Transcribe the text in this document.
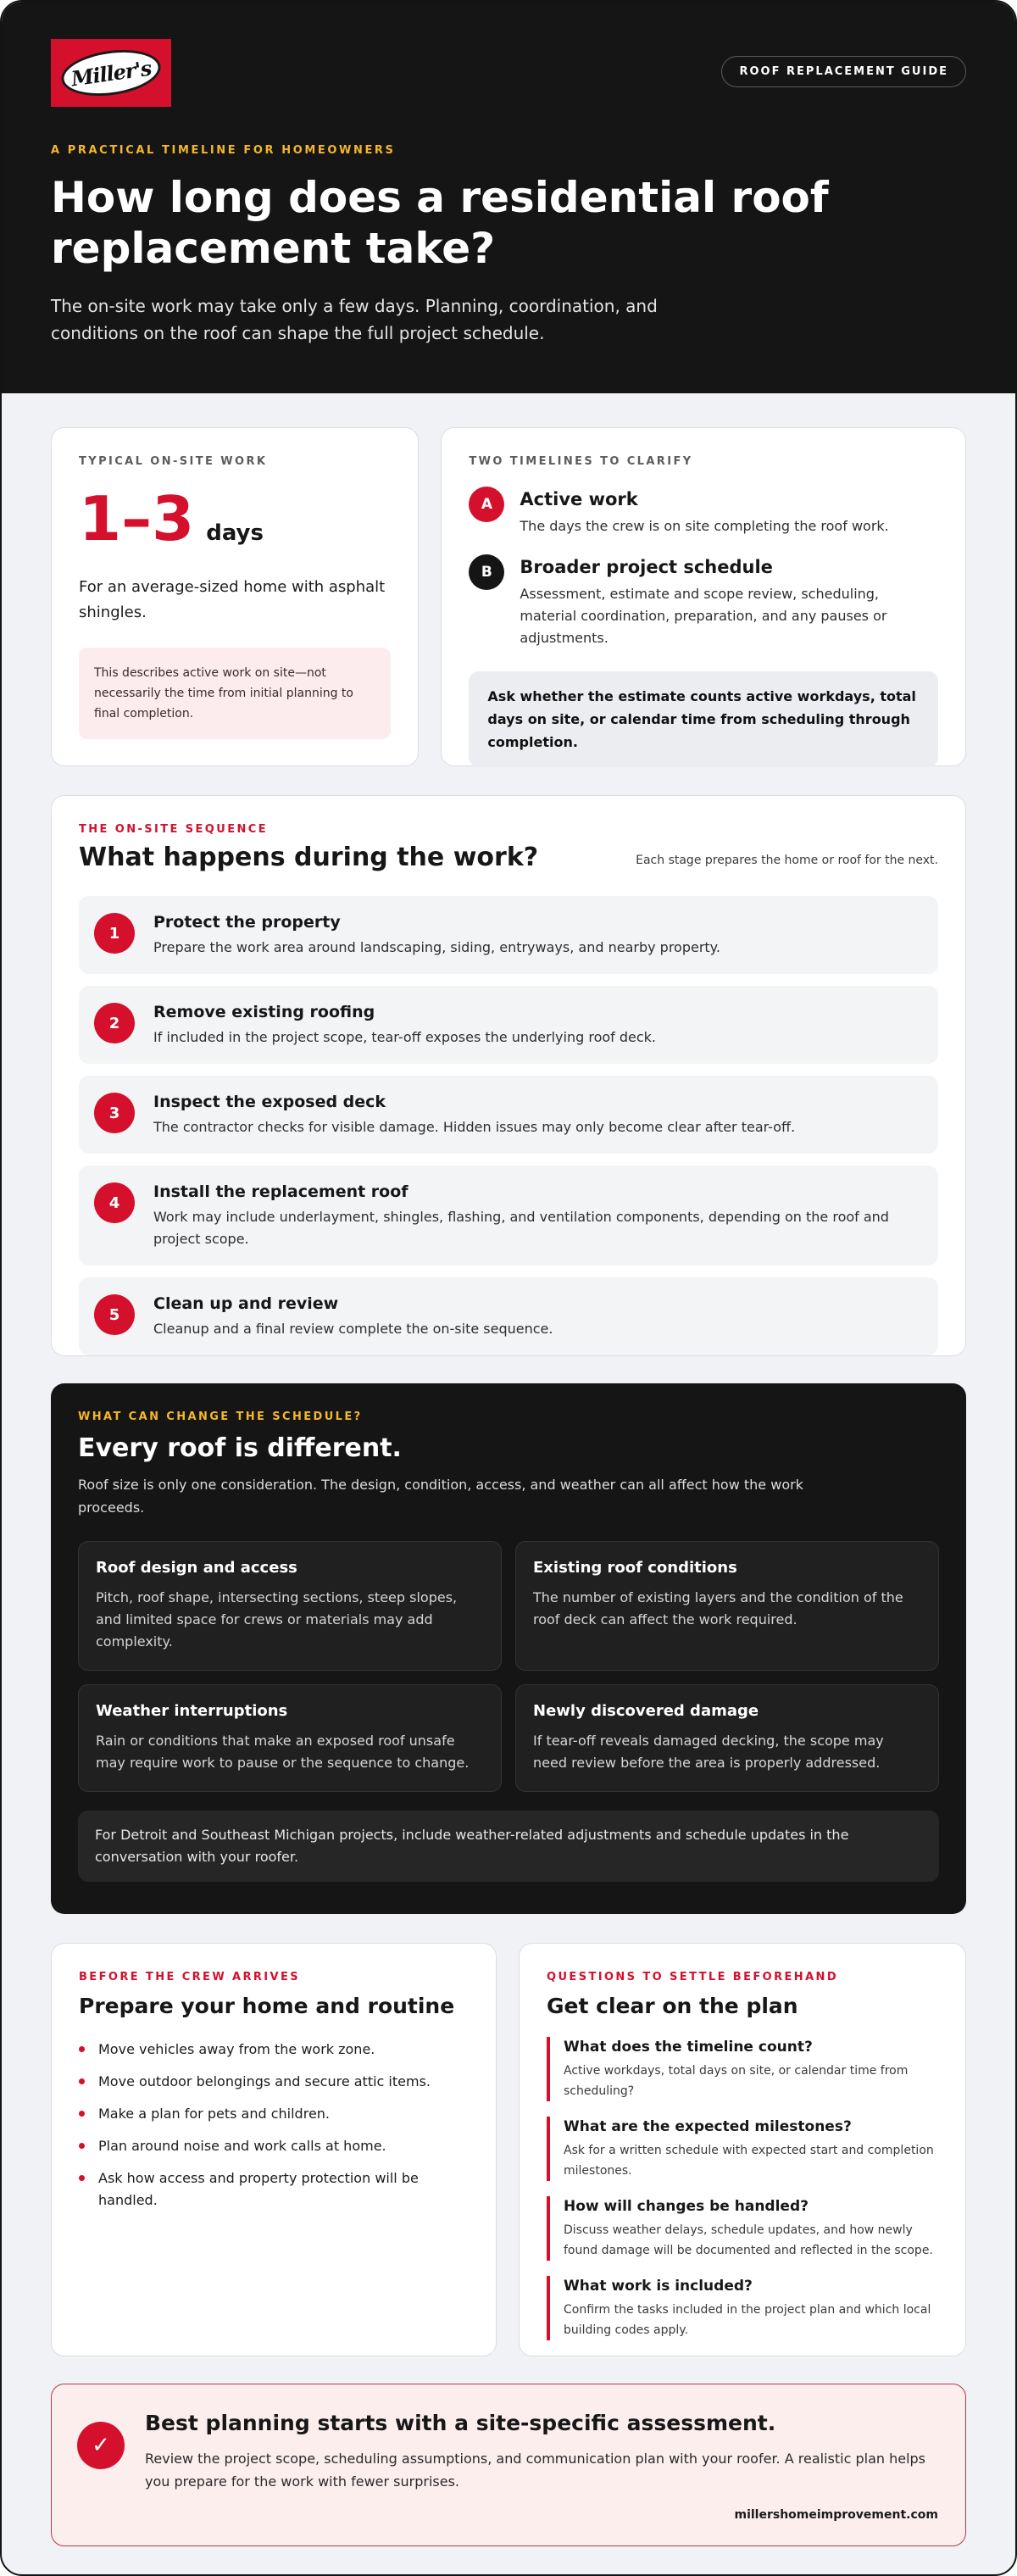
Miller's	ROOF REPLACEMENT GUIDE
A PRACTICAL TIMELINE FOR HOMEOWNERS
How long does a residential roof replacement take?

The on-site work may take only a few days. Planning, coordination, and conditions on the roof can shape the full project schedule.

TYPICAL ON-SITE WORK
1–3 days

For an average-sized home with asphalt shingles.

This describes active work on site—not necessarily the time from initial planning to final completion.
TWO TIMELINES TO CLARIFY
A	Active work
The days the crew is on site completing the roof work.
B	Broader project schedule
Assessment, estimate and scope review, scheduling, material coordination, preparation, and any pauses or adjustments.
Ask whether the estimate counts active workdays, total days on site, or calendar time from scheduling through completion.
THE ON-SITE SEQUENCE
What happens during the work?	Each stage prepares the home or roof for the next.
1
Protect the property
Prepare the work area around landscaping, siding, entryways, and nearby property.
2
Remove existing roofing
If included in the project scope, tear-off exposes the underlying roof deck.
3
Inspect the exposed deck
The contractor checks for visible damage. Hidden issues may only become clear after tear-off.
4
Install the replacement roof
Work may include underlayment, shingles, flashing, and ventilation components, depending on the roof and project scope.
5
Clean up and review
Cleanup and a final review complete the on-site sequence.
WHAT CAN CHANGE THE SCHEDULE?
Every roof is different.

Roof size is only one consideration. The design, condition, access, and weather can all affect how the work proceeds.

Roof design and access
Pitch, roof shape, intersecting sections, steep slopes, and limited space for crews or materials may add complexity.
Existing roof conditions
The number of existing layers and the condition of the roof deck can affect the work required.
Weather interruptions
Rain or conditions that make an exposed roof unsafe may require work to pause or the sequence to change.
Newly discovered damage
If tear-off reveals damaged decking, the scope may need review before the area is properly addressed.
For Detroit and Southeast Michigan projects, include weather-related adjustments and schedule updates in the conversation with your roofer.
BEFORE THE CREW ARRIVES
Prepare your home and routine
Move vehicles away from the work zone.
Move outdoor belongings and secure attic items.
Make a plan for pets and children.
Plan around noise and work calls at home.
Ask how access and property protection will be handled.
QUESTIONS TO SETTLE BEFOREHAND
Get clear on the plan
What does the timeline count?
Active workdays, total days on site, or calendar time from scheduling?
What are the expected milestones?
Ask for a written schedule with expected start and completion milestones.
How will changes be handled?
Discuss weather delays, schedule updates, and how newly found damage will be documented and reflected in the scope.
What work is included?
Confirm the tasks included in the project plan and which local building codes apply.
✓
Best planning starts with a site-specific assessment.

Review the project scope, scheduling assumptions, and communication plan with your roofer. A realistic plan helps you prepare for the work with fewer surprises.

millershomeimprovement.com
